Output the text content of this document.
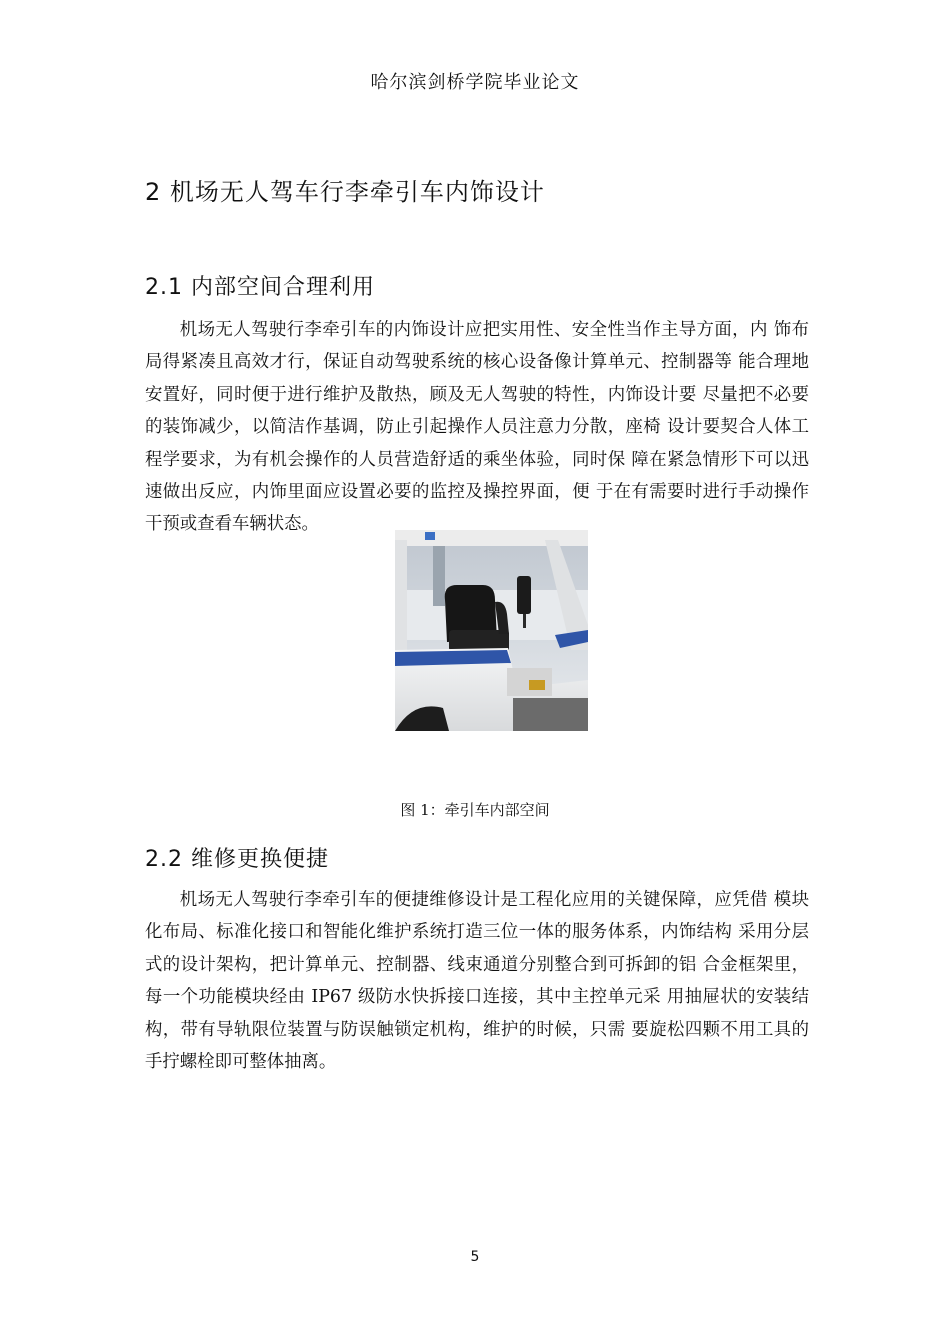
哈尔滨剑桥学院毕业论文
2 机场无人驾车行李牵引车内饰设计
2.1 内部空间合理利用

机场无人驾驶行李牵引车的内饰设计应把实用性、安全性当作主导方面，内 饰布局得紧凑且高效才行，保证自动驾驶系统的核心设备像计算单元、控制器等 能合理地安置好，同时便于进行维护及散热，顾及无人驾驶的特性，内饰设计要 尽量把不必要的装饰减少，以简洁作基调，防止引起操作人员注意力分散，座椅 设计要契合人体工程学要求，为有机会操作的人员营造舒适的乘坐体验，同时保 障在紧急情形下可以迅速做出反应，内饰里面应设置必要的监控及操控界面，便 于在有需要时进行手动操作干预或查看车辆状态。

图 1：牵引车内部空间
2.2 维修更换便捷

机场无人驾驶行李牵引车的便捷维修设计是工程化应用的关键保障，应凭借 模块化布局、标准化接口和智能化维护系统打造三位一体的服务体系，内饰结构 采用分层式的设计架构，把计算单元、控制器、线束通道分别整合到可拆卸的铝 合金框架里，每一个功能模块经由 IP67 级防水快拆接口连接，其中主控单元采 用抽屉状的安装结构，带有导轨限位装置与防误触锁定机构，维护的时候，只需 要旋松四颗不用工具的手拧螺栓即可整体抽离。

5
